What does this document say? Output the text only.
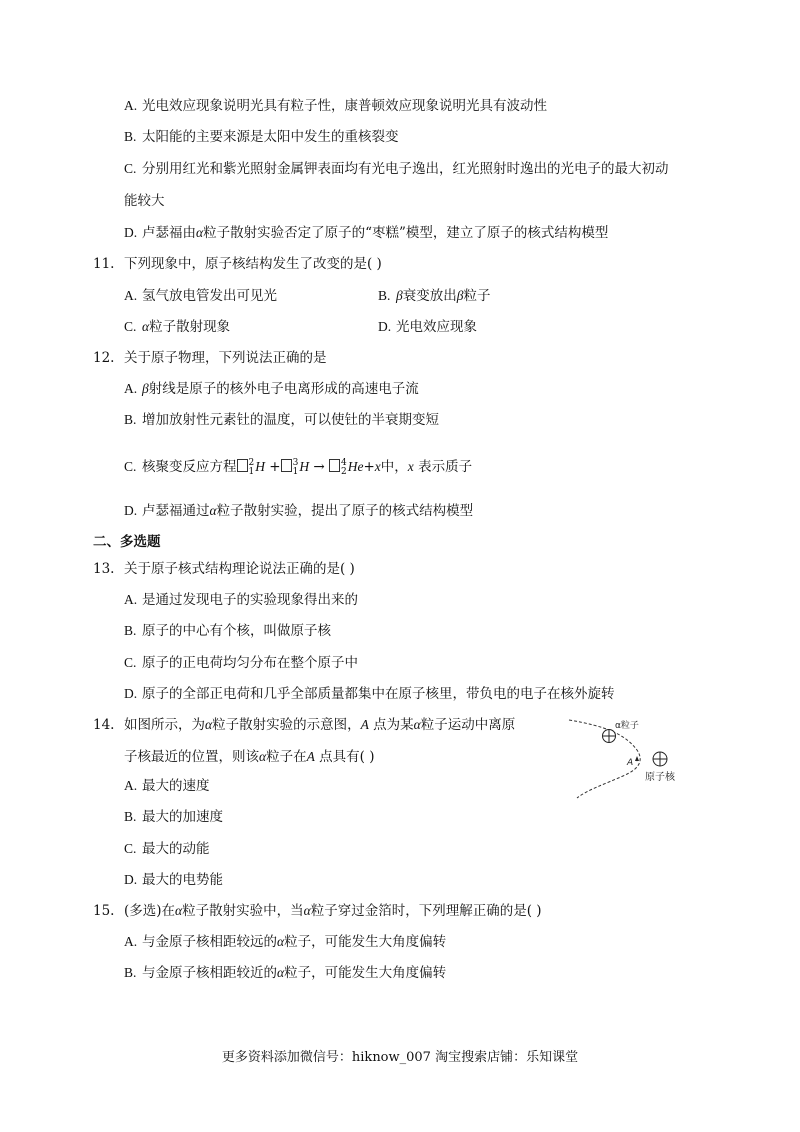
A. 光电效应现象说明光具有粒子性，康普顿效应现象说明光具有波动性
B. 太阳能的主要来源是太阳中发生的重核裂变
C. 分别用红光和紫光照射金属钾表面均有光电子逸出，红光照射时逸出的光电子的最大初动
能较大
D. 卢瑟福由α粒子散射实验否定了原子的“枣糕”模型，建立了原子的核式结构模型
11. 下列现象中，原子核结构发生了改变的是( )
A. 氢气放电管发出可见光	B. β衰变放出β粒子
C. α粒子散射现象	D. 光电效应现象
12. 关于原子物理，下列说法正确的是
A. β射线是原子的核外电子电离形成的高速电子流
B. 增加放射性元素钍的温度，可以使钍的半衰期变短
C. 核聚变反应方程 2
1 H + 3
1 H → 4
2 He+x中，x 表示质子
D. 卢瑟福通过α粒子散射实验，提出了原子的核式结构模型
二、多选题
13. 关于原子核式结构理论说法正确的是( )
A. 是通过发现电子的实验现象得出来的
B. 原子的中心有个核，叫做原子核
C. 原子的正电荷均匀分布在整个原子中
D. 原子的全部正电荷和几乎全部质量都集中在原子核里，带负电的电子在核外旋转
14. 如图所示，为α粒子散射实验的示意图，A 点为某α粒子运动中离原
子核最近的位置，则该α粒子在A 点具有( )
A. 最大的速度
B. 最大的加速度
C. 最大的动能
D. 最大的电势能
α粒子
A
原子核
15. (多选)在α粒子散射实验中，当α粒子穿过金箔时，下列理解正确的是( )
A. 与金原子核相距较远的α粒子，可能发生大角度偏转
B. 与金原子核相距较近的α粒子，可能发生大角度偏转
更多资料添加微信号：hiknow_007 淘宝搜索店铺：乐知课堂
